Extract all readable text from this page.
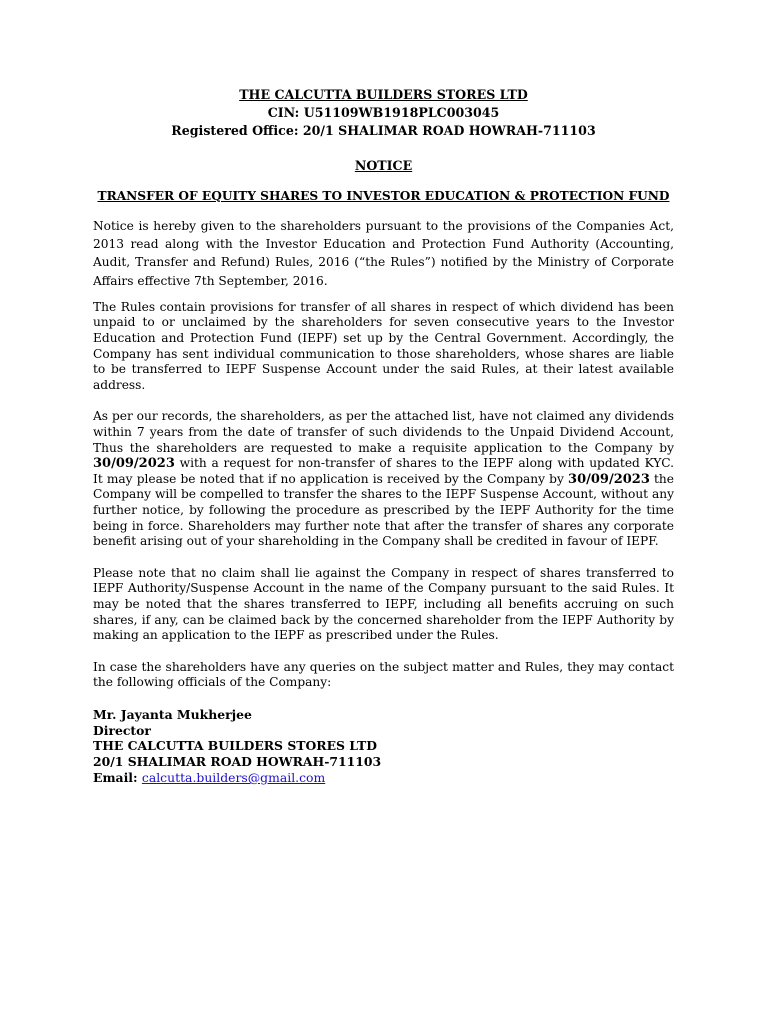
THE CALCUTTA BUILDERS STORES LTD
CIN: U51109WB1918PLC003045
Registered Office: 20/1 SHALIMAR ROAD HOWRAH-711103
NOTICE
TRANSFER OF EQUITY SHARES TO INVESTOR EDUCATION & PROTECTION FUND

Notice is hereby given to the shareholders pursuant to the provisions of the Companies Act, 2013 read along with the Investor Education and Protection Fund Authority (Accounting, Audit, Transfer and Refund) Rules, 2016 (“the Rules”) notified by the Ministry of Corporate Affairs effective 7th September, 2016.

The Rules contain provisions for transfer of all shares in respect of which dividend has been unpaid to or unclaimed by the shareholders for seven consecutive years to the Investor Education and Protection Fund (IEPF) set up by the Central Government. Accordingly, the Company has sent individual communication to those shareholders, whose shares are liable to be transferred to IEPF Suspense Account under the said Rules, at their latest available address.

As per our records, the shareholders, as per the attached list, have not claimed any dividends within 7 years from the date of transfer of such dividends to the Unpaid Dividend Account, Thus the shareholders are requested to make a requisite application to the Company by 30/09/2023 with a request for non-transfer of shares to the IEPF along with updated KYC. It may please be noted that if no application is received by the Company by 30/09/2023 the Company will be compelled to transfer the shares to the IEPF Suspense Account, without any further notice, by following the procedure as prescribed by the IEPF Authority for the time being in force. Shareholders may further note that after the transfer of shares any corporate benefit arising out of your shareholding in the Company shall be credited in favour of IEPF.

Please note that no claim shall lie against the Company in respect of shares transferred to IEPF Authority/Suspense Account in the name of the Company pursuant to the said Rules. It may be noted that the shares transferred to IEPF, including all benefits accruing on such shares, if any, can be claimed back by the concerned shareholder from the IEPF Authority by making an application to the IEPF as prescribed under the Rules.

In case the shareholders have any queries on the subject matter and Rules, they may contact the following officials of the Company:

Mr. Jayanta Mukherjee
Director
THE CALCUTTA BUILDERS STORES LTD
20/1 SHALIMAR ROAD HOWRAH-711103
Email: calcutta.builders@gmail.com
